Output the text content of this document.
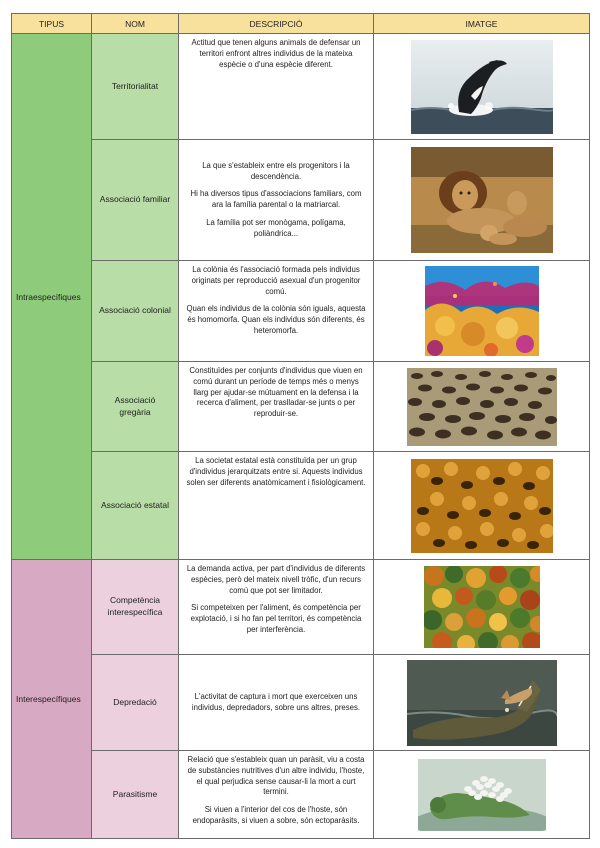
TIPUS	NOM	DESCRIPCIÓ	IMATGE
Intraespecífiques	Territorialitat	Actitud que tenen alguns animals de defensar un territori enfront altres individus de la mateixa espècie o d'una espècie diferent.

	Associació familiar	La que s'estableix entre els progenitors i la descendència.

Hi ha diversos tipus d'associacions familiars, com ara la família parental o la matriarcal.

La família pot ser monògama, polígama, poliàndrica...

	Associació colonial	La colònia és l'associació formada pels individus originats per reproducció asexual d'un progenitor comú.

Quan els individus de la colònia són iguals, aquesta és homomorfa. Quan els individus són diferents, és heteromorfa.

	Associació gregària	Constituïdes per conjunts d'individus que viuen en comú durant un període de temps més o menys llarg per ajudar-se mútuament en la defensa i la recerca d'aliment, per traslladar-se junts o per reproduir-se.

	Associació estatal	La societat estatal està constituïda per un grup d'individus jerarquitzats entre si. Aquests individus solen ser diferents anatòmicament i fisiològicament.

Interespecífiques	Competència interespecífica	La demanda activa, per part d'individus de diferents espècies, però del mateix nivell tròfic, d'un recurs comú que pot ser limitador.

Si competeixen per l'aliment, és competència per explotació, i si ho fan pel territori, és competència per interferència.

	Depredació	L'activitat de captura i mort que exerceixen uns individus, depredadors, sobre uns altres, preses.

	Parasitisme	Relació que s'estableix quan un paràsit, viu a costa de substàncies nutritives d'un altre individu, l'hoste, el qual perjudica sense causar-li la mort a curt termini.

Si viuen a l'interior del cos de l'hoste, són endoparàsits, si viuen a sobre, són ectoparàsits.
